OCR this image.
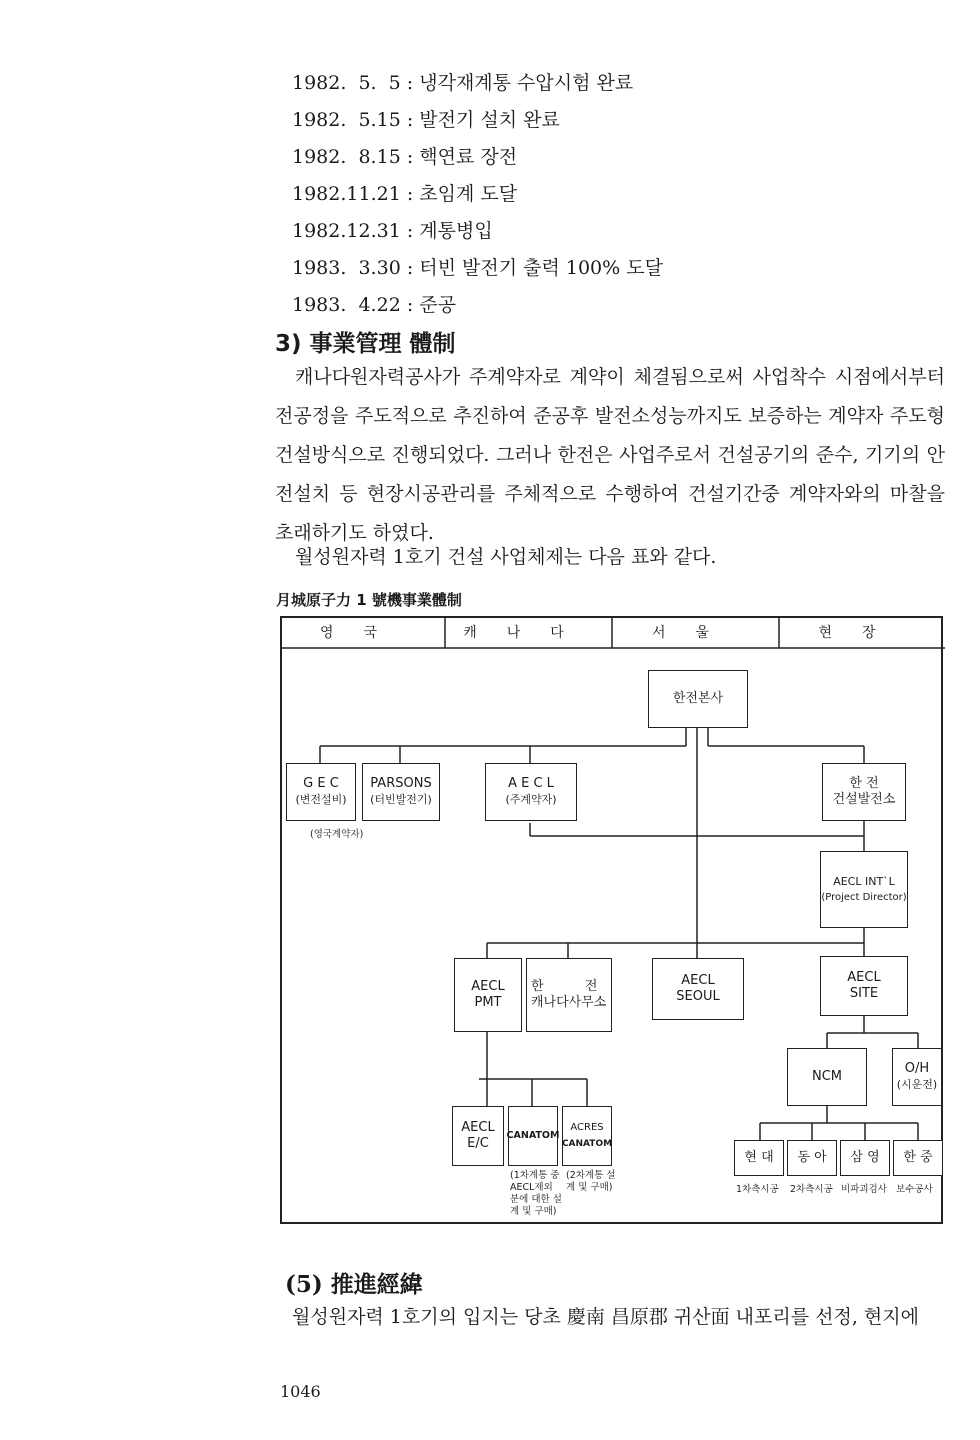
1982.  5.  5 : 냉각재계통 수압시험 완료
1982.  5.15 : 발전기 설치 완료
1982.  8.15 : 핵연료 장전
1982.11.21 : 초임계 도달
1982.12.31 : 계통병입
1983.  3.30 : 터빈 발전기 출력 100% 도달
1983.  4.22 : 준공
3) 事業管理 體制

캐나다원자력공사가 주계약자로 계약이 체결됨으로써 사업착수 시점에서부터 전공정을 주도적으로 추진하여 준공후 발전소성능까지도 보증하는 계약자 주도형 건설방식으로 진행되었다. 그러나 한전은 사업주로서 건설공기의 준수, 기기의 안전설치 등 현장시공관리를 주체적으로 수행하여 건설기간중 계약자와의 마찰을 초래하기도 하였다.

월성원자력 1호기 건설 사업체제는 다음 표와 같다.
月城原子力 1 號機事業體制
영국	캐나다	서울	현장
한전본사
G E C
(변전설비)
PARSONS
(터빈발전기)
(영국계약자)
A E C L
(주계약자)
한 전
건설발전소
AECL INT`L
(Project Director)
AECL
PMT
한          전
캐나다사무소
AECL
SEOUL
AECL
SITE
NCM
O/H
(시운전)
AECL
E/C
CANATOM
ACRES
CANATOM
(1차계통 중
AECL제외
분에 대한 설
계 및 구매)
(2차계통 설
계 및 구매)
현 대 동 아 삼 영 한 중
1차측시공 2차측시공 비파괴검사 보수공사
(5) 推進經緯
월성원자력 1호기의 입지는 당초 慶南 昌原郡 귀산面 내포리를 선정, 현지에
1046
